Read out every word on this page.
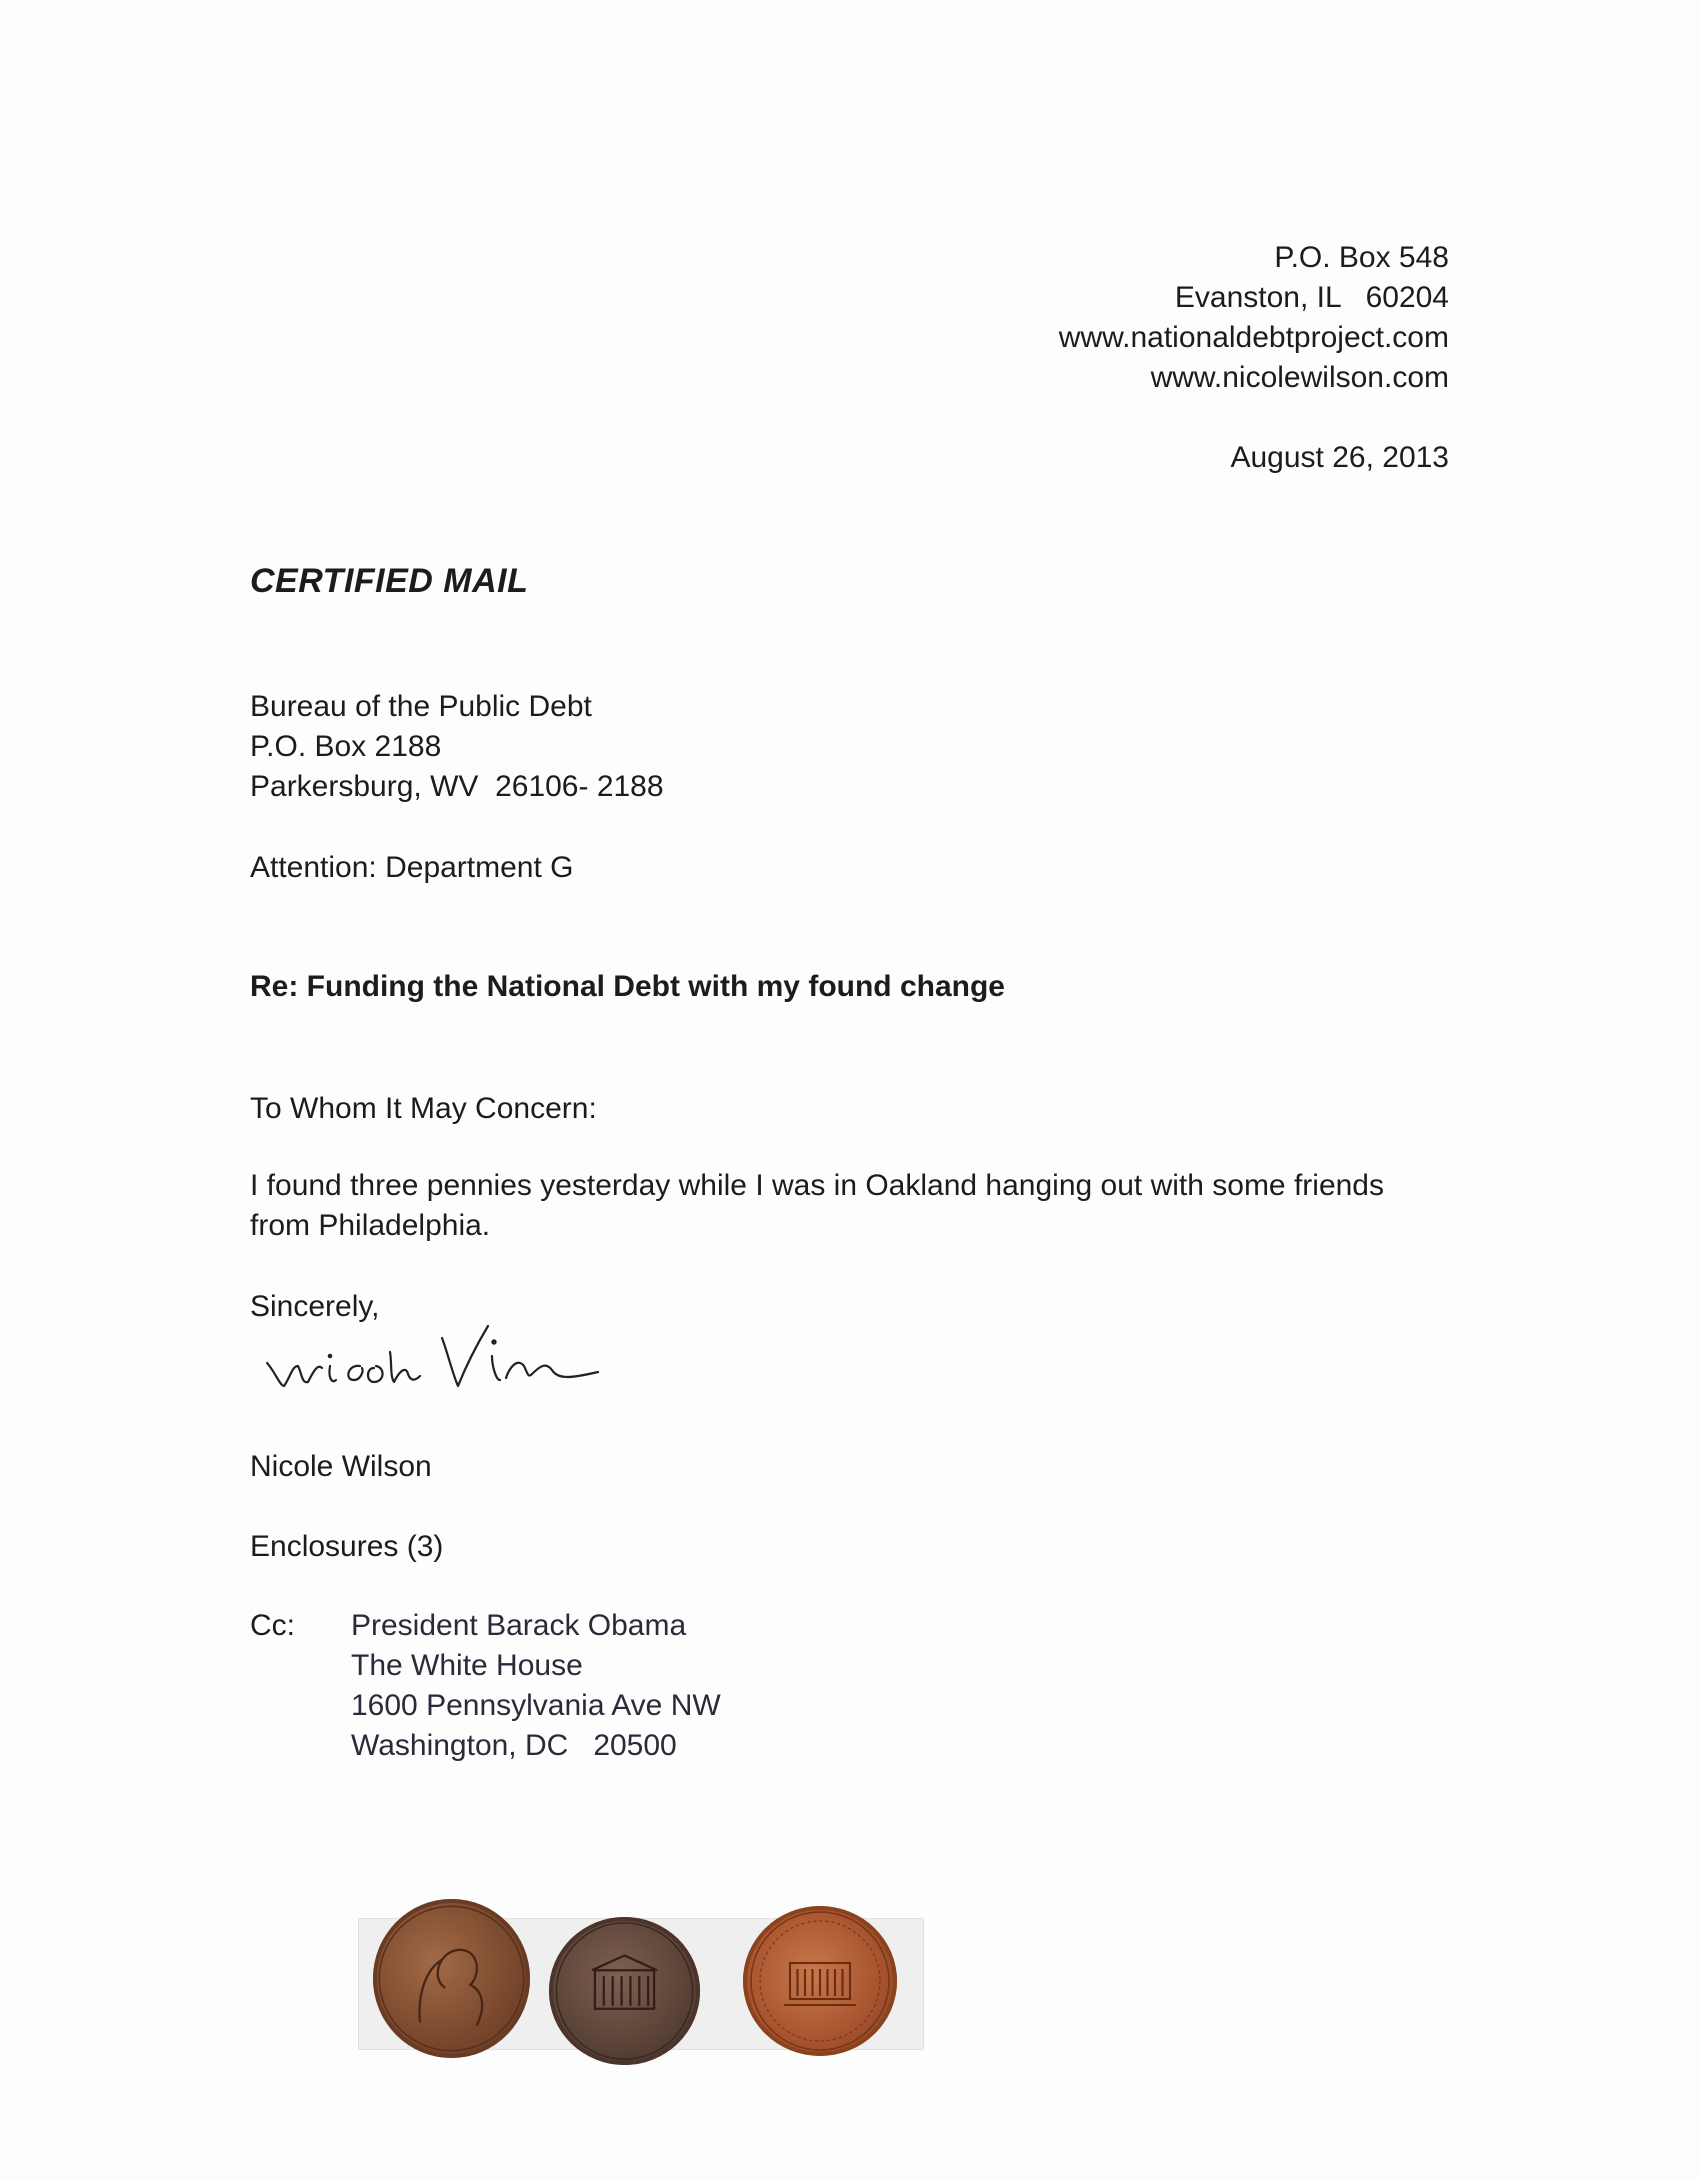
P.O. Box 548
Evanston, IL   60204
www.nationaldebtproject.com
www.nicolewilson.com
August 26, 2013
CERTIFIED MAIL
Bureau of the Public Debt
P.O. Box 2188
Parkersburg, WV  26106- 2188
Attention: Department G
Re: Funding the National Debt with my found change
To Whom It May Concern:
I found three pennies yesterday while I was in Oakland hanging out with some friends from Philadelphia.
Sincerely,
Nicole Wilson
Enclosures (3)
Cc: President Barack Obama
The White House
1600 Pennsylvania Ave NW
Washington, DC   20500
